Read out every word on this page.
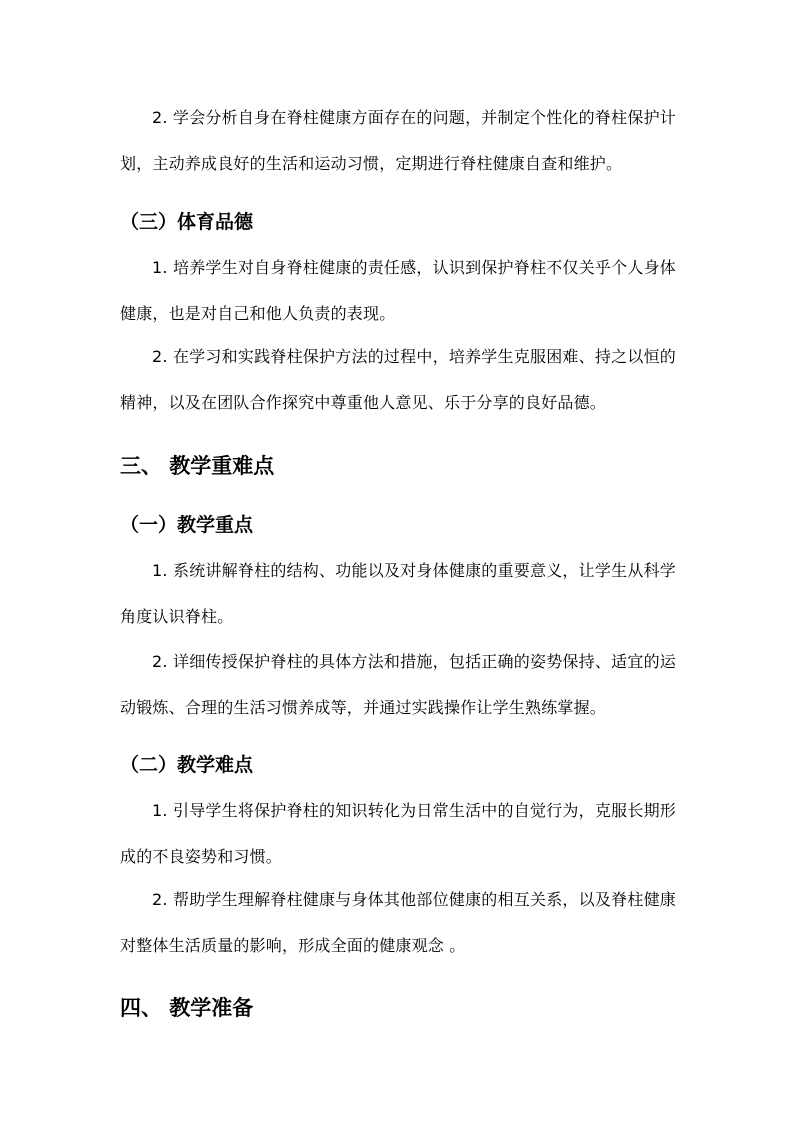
2. 学会分析自身在脊柱健康方面存在的问题，并制定个性化的脊柱保护计划，主动养成良好的生活和运动习惯，定期进行脊柱健康自查和维护。

（三）体育品德

1. 培养学生对自身脊柱健康的责任感，认识到保护脊柱不仅关乎个人身体健康，也是对自己和他人负责的表现。

2. 在学习和实践脊柱保护方法的过程中，培养学生克服困难、持之以恒的精神，以及在团队合作探究中尊重他人意见、乐于分享的良好品德。

三、 教学重难点
（一）教学重点

1. 系统讲解脊柱的结构、功能以及对身体健康的重要意义，让学生从科学角度认识脊柱。

2. 详细传授保护脊柱的具体方法和措施，包括正确的姿势保持、适宜的运动锻炼、合理的生活习惯养成等，并通过实践操作让学生熟练掌握。

（二）教学难点

1. 引导学生将保护脊柱的知识转化为日常生活中的自觉行为，克服长期形成的不良姿势和习惯。

2. 帮助学生理解脊柱健康与身体其他部位健康的相互关系，以及脊柱健康对整体生活质量的影响，形成全面的健康观念 。

四、 教学准备
